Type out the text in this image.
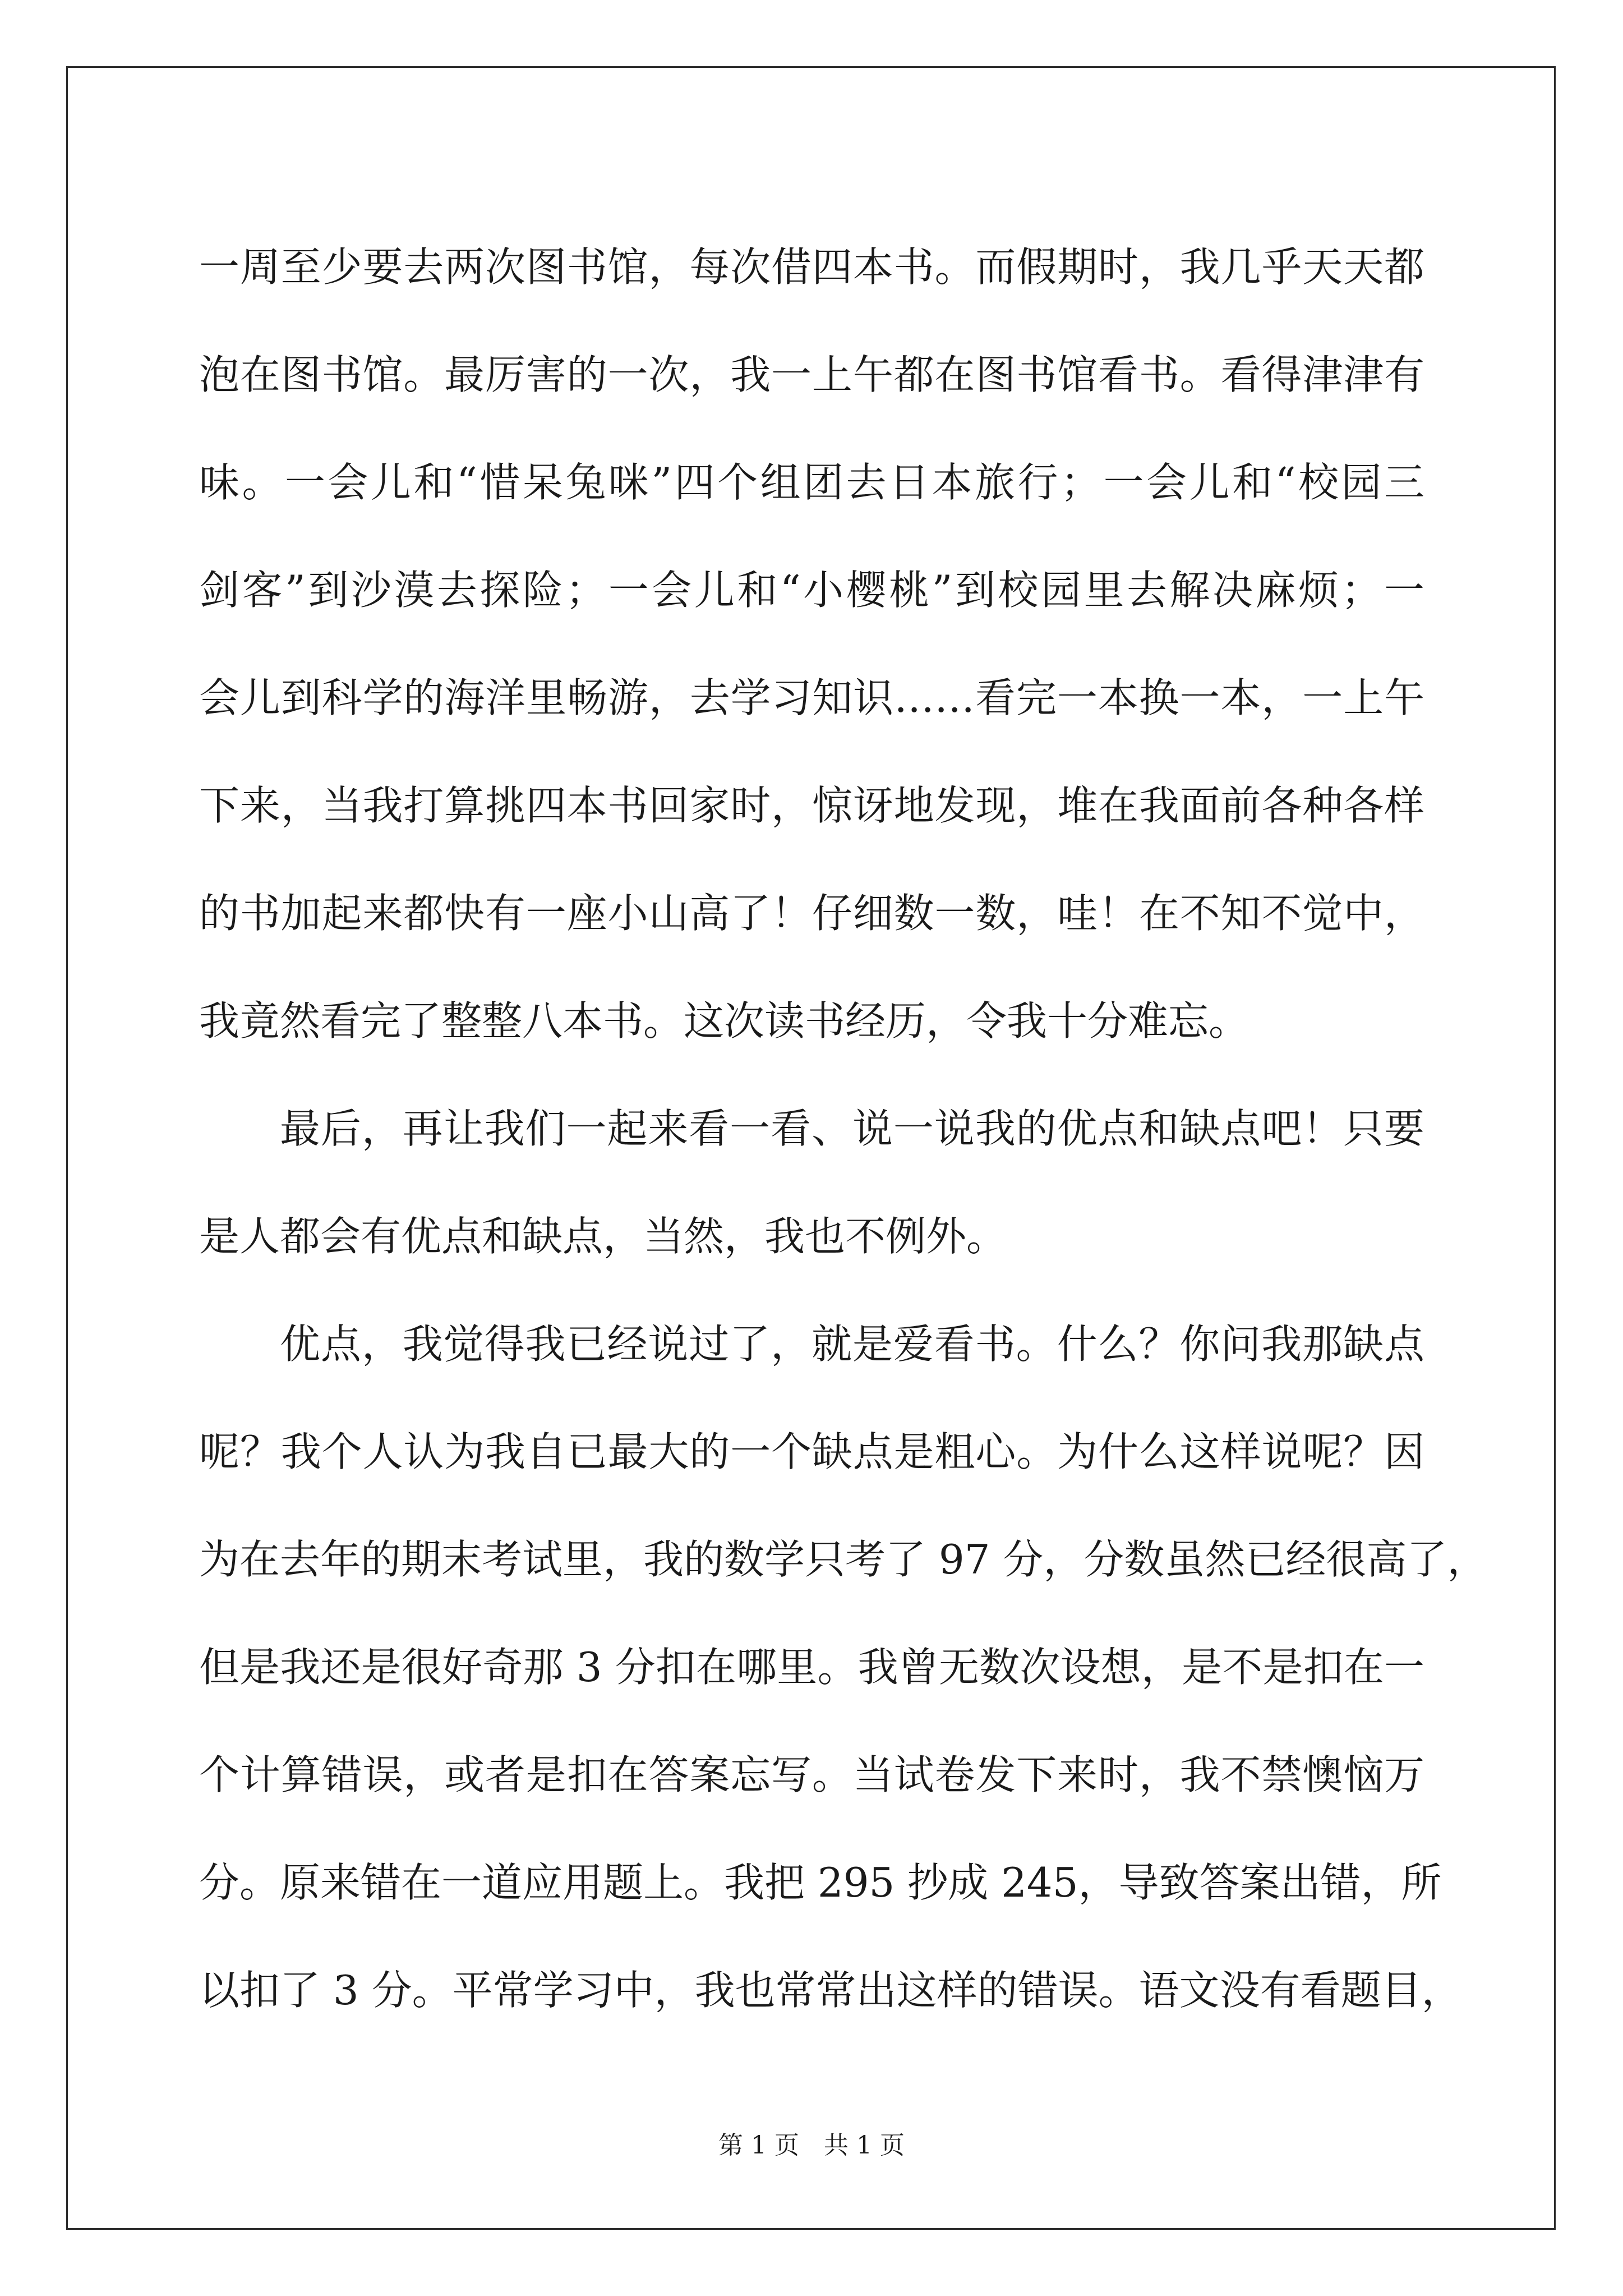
一周至少要去两次图书馆，每次借四本书。而假期时，我几乎天天都
泡在图书馆。最厉害的一次，我一上午都在图书馆看书。看得津津有
味。一会儿和“惜呆兔咪”四个组团去日本旅行；一会儿和“校园三
剑客”到沙漠去探险；一会儿和“小樱桃”到校园里去解决麻烦；一
会儿到科学的海洋里畅游，去学习知识……看完一本换一本，一上午
下来，当我打算挑四本书回家时，惊讶地发现，堆在我面前各种各样
的书加起来都快有一座小山高了！仔细数一数，哇！在不知不觉中，
我竟然看完了整整八本书。这次读书经历，令我十分难忘。
最后，再让我们一起来看一看、说一说我的优点和缺点吧！只要
是人都会有优点和缺点，当然，我也不例外。
优点，我觉得我已经说过了，就是爱看书。什么？你问我那缺点
呢？我个人认为我自已最大的一个缺点是粗心。为什么这样说呢？因
为在去年的期末考试里，我的数学只考了 97 分，分数虽然已经很高了，
但是我还是很好奇那 3 分扣在哪里。我曾无数次设想，是不是扣在一
个计算错误，或者是扣在答案忘写。当试卷发下来时，我不禁懊恼万
分。原来错在一道应用题上。我把 295 抄成 245，导致答案出错，所
以扣了 3 分。平常学习中，我也常常出这样的错误。语文没有看题目，
第 1 页　共 1 页
